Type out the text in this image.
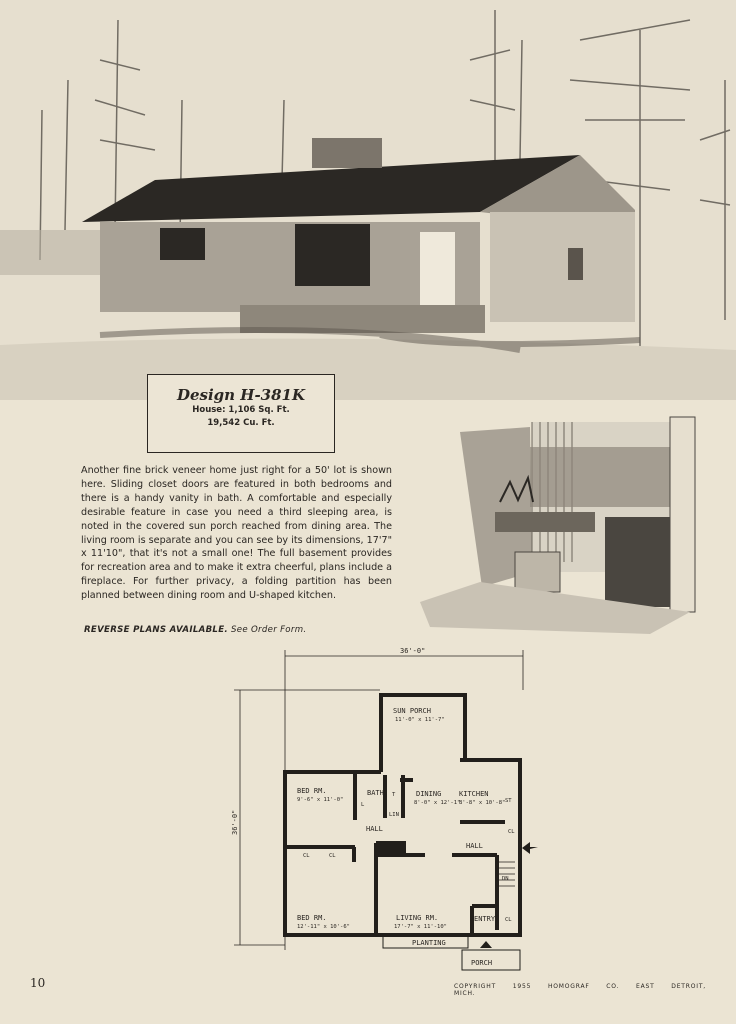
Design H-381K
House: 1,106 Sq. Ft.
19,542 Cu. Ft.
Another fine brick veneer home just right for a 50' lot is shown here. Sliding closet doors are featured in both bedrooms and there is a handy vanity in bath. A comfortable and especially desirable feature in case you need a third sleeping area, is noted in the covered sun porch reached from dining area. The living room is separate and you can see by its dimensions, 17'7" x 11'10", that it's not a small one! The full basement provides for recreation area and to make it extra cheerful, plans include a fireplace. For further privacy, a folding partition has been planned between dining room and U-shaped kitchen.
REVERSE PLANS AVAILABLE. See Order Form.
36'-0"
36'-0"
SUN PORCH
11'-0" x 11'-7"
BED RM.
9'-6" x 11'-0"
BATH T
LIN
L
DINING
8'-0" x 12'-1"
KITCHEN
8'-8" x 10'-8" ST
CL
HALL
HALL
CL	CL
DN
BED RM.
12'-11" x 10'-6"
LIVING RM.
17'-7" x 11'-10"
ENTRY CL
PLANTING
PORCH
10	COPYRIGHT 1955	HOMOGRAF CO.	EAST DETROIT, MICH.
